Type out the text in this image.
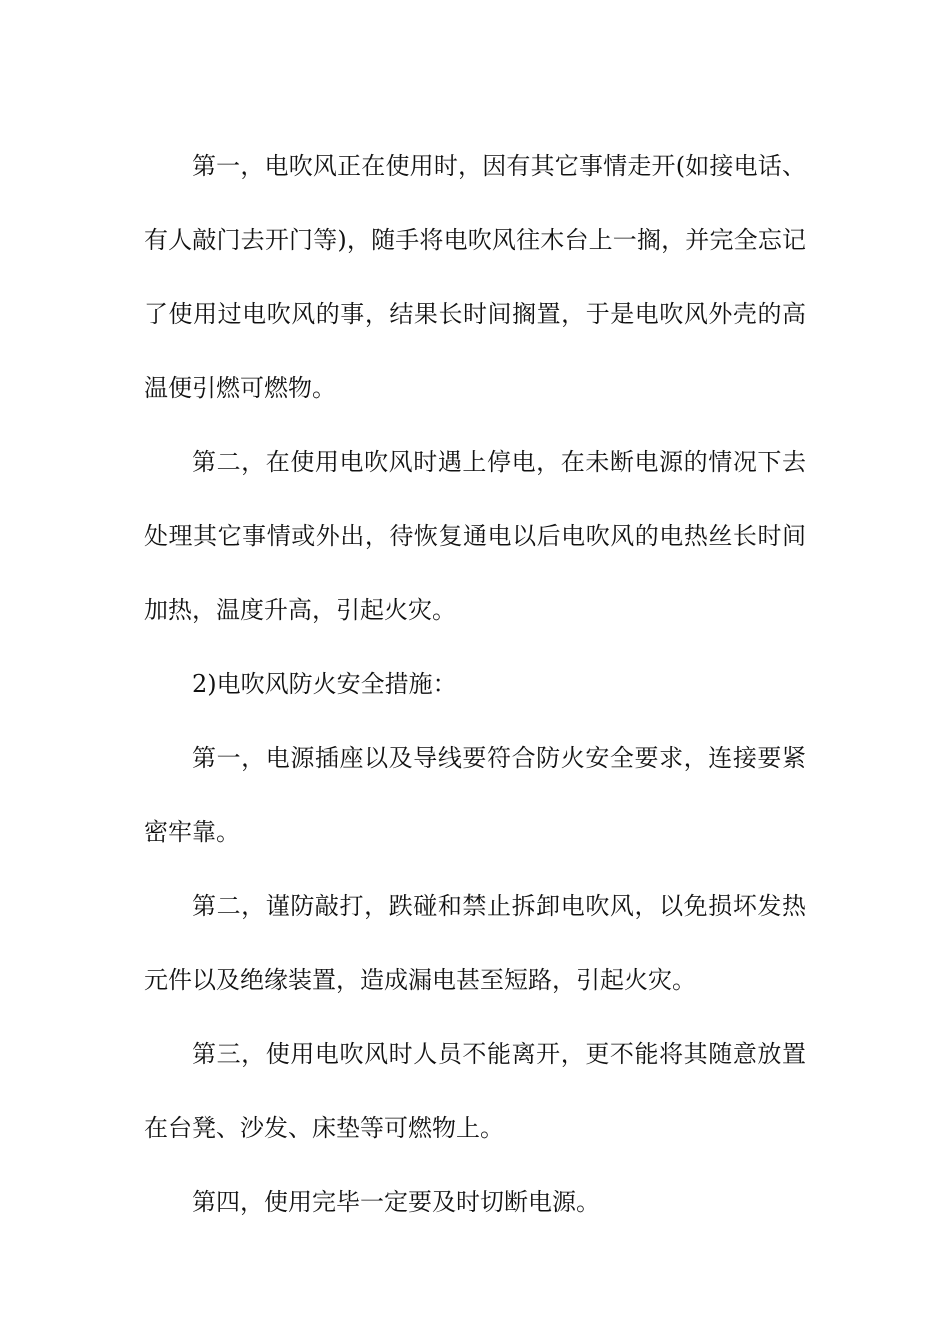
第一，电吹风正在使用时，因有其它事情走开(如接电话、有人敲门去开门等)，随手将电吹风往木台上一搁，并完全忘记了使用过电吹风的事，结果长时间搁置，于是电吹风外壳的高温便引燃可燃物。

第二，在使用电吹风时遇上停电，在未断电源的情况下去处理其它事情或外出，待恢复通电以后电吹风的电热丝长时间加热，温度升高，引起火灾。

2)电吹风防火安全措施：

第一，电源插座以及导线要符合防火安全要求，连接要紧密牢靠。

第二，谨防敲打，跌碰和禁止拆卸电吹风，以免损坏发热元件以及绝缘装置，造成漏电甚至短路，引起火灾。

第三，使用电吹风时人员不能离开，更不能将其随意放置在台凳、沙发、床垫等可燃物上。

第四，使用完毕一定要及时切断电源。
